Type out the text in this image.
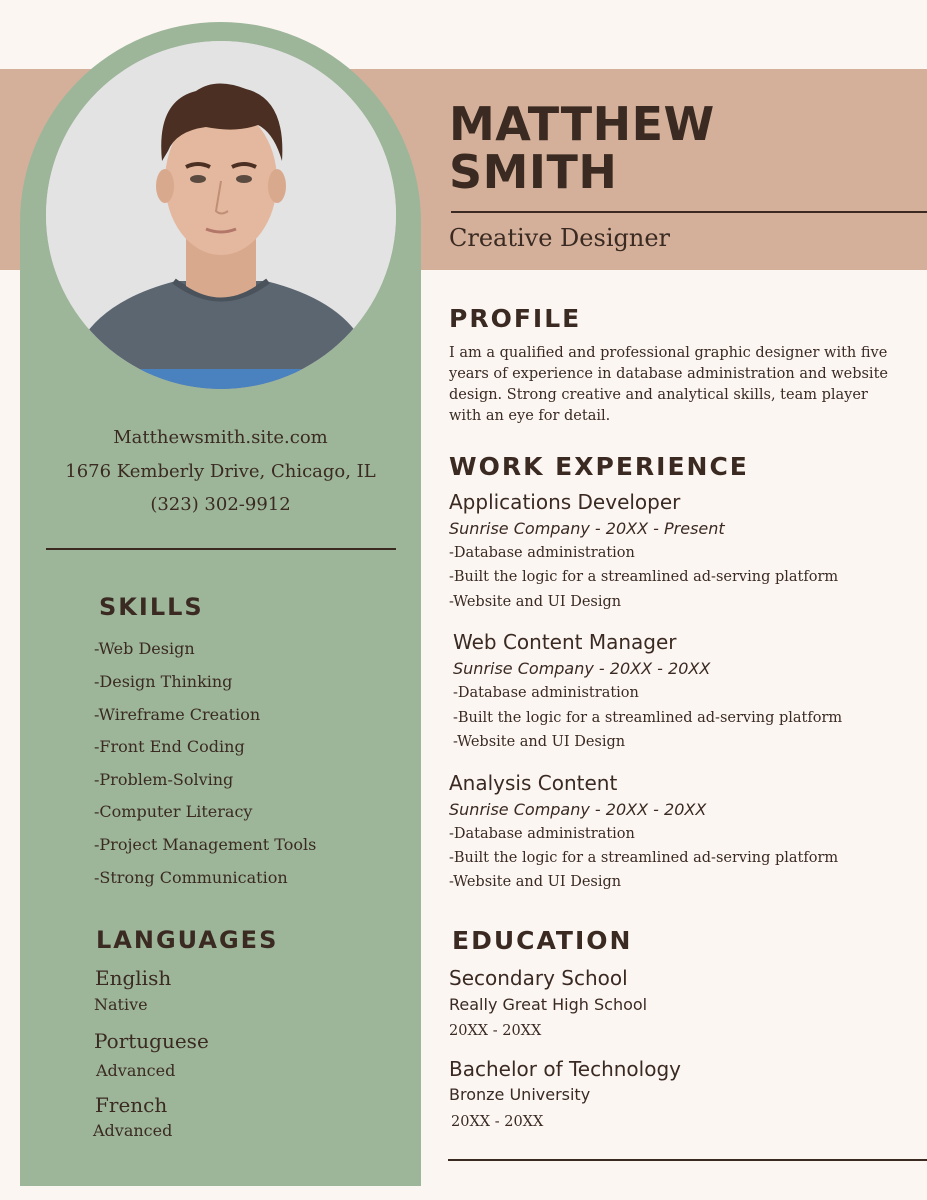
MATTHEW
SMITH
Creative Designer
Matthewsmith.site.com
1676 Kemberly Drive, Chicago, IL
(323) 302-9912
SKILLS
-Web Design
-Design Thinking
-Wireframe Creation
-Front End Coding
-Problem-Solving
-Computer Literacy
-Project Management Tools
-Strong Communication
LANGUAGES
English
Native
Portuguese
Advanced
French
Advanced
PROFILE
I am a qualified and professional graphic designer with five years of experience in database administration and website design. Strong creative and analytical skills, team player with an eye for detail.
WORK EXPERIENCE
Applications Developer
Sunrise Company - 20XX - Present
-Database administration
-Built the logic for a streamlined ad-serving platform
-Website and UI Design
Web Content Manager
Sunrise Company - 20XX - 20XX
-Database administration
-Built the logic for a streamlined ad-serving platform
-Website and UI Design
Analysis Content
Sunrise Company - 20XX - 20XX
-Database administration
-Built the logic for a streamlined ad-serving platform
-Website and UI Design
EDUCATION
Secondary School
Really Great High School
20XX - 20XX
Bachelor of Technology
Bronze University
20XX - 20XX
